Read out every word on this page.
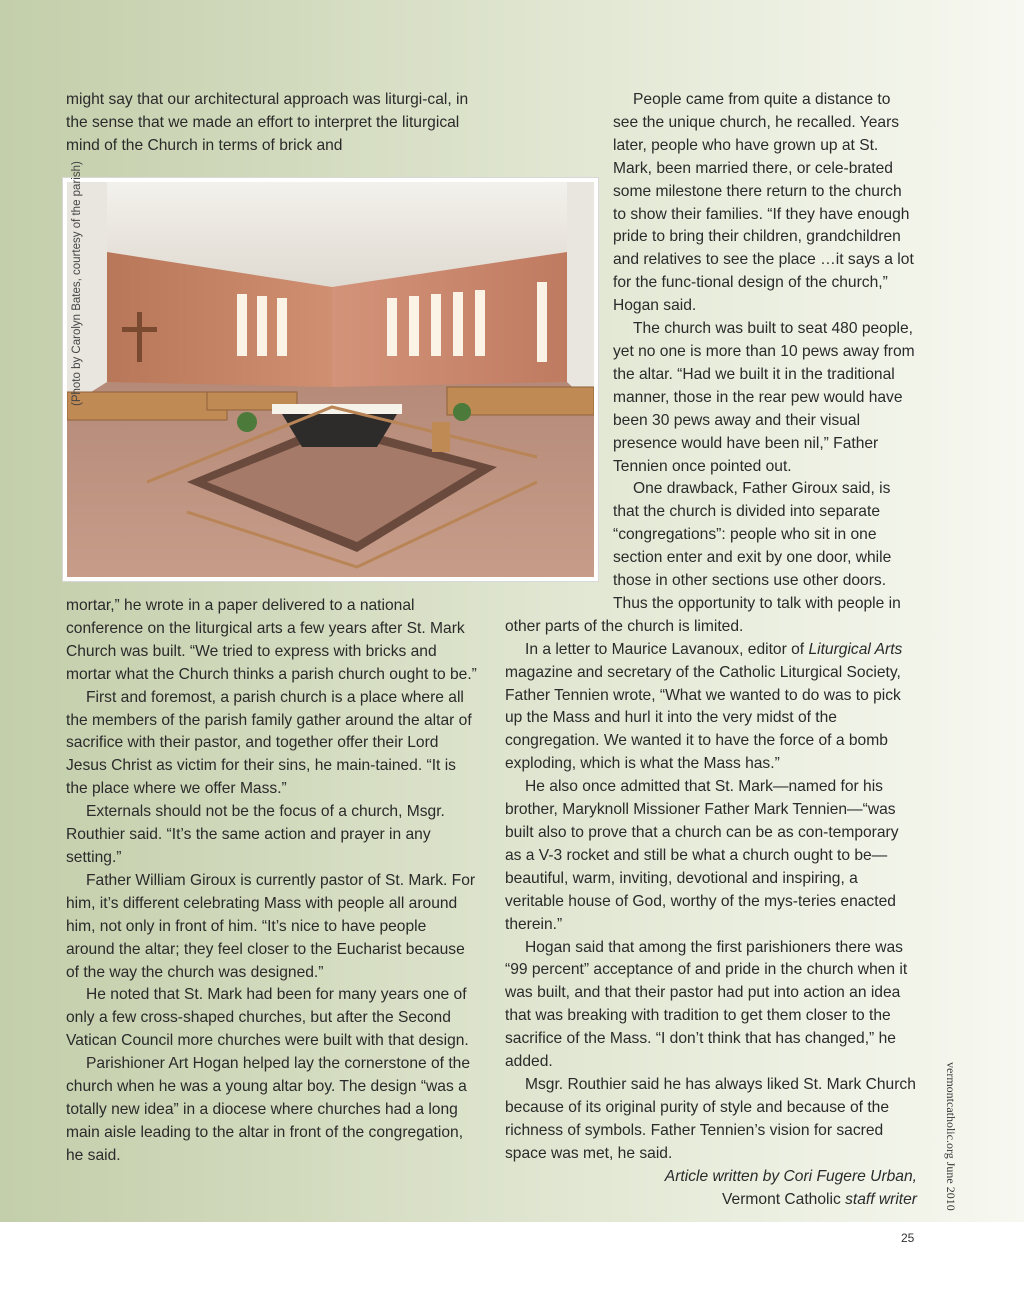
might say that our architectural approach was liturgi-cal, in the sense that we made an effort to interpret the liturgical mind of the Church in terms of brick and

mortar,” he wrote in a paper delivered to a national conference on the liturgical arts a few years after St. Mark Church was built. “We tried to express with bricks and mortar what the Church thinks a parish church ought to be.”

First and foremost, a parish church is a place where all the members of the parish family gather around the altar of sacrifice with their pastor, and together offer their Lord Jesus Christ as victim for their sins, he main-tained. “It is the place where we offer Mass.”

Externals should not be the focus of a church, Msgr. Routhier said. “It’s the same action and prayer in any setting.”

Father William Giroux is currently pastor of St. Mark. For him, it’s different celebrating Mass with people all around him, not only in front of him. “It’s nice to have people around the altar; they feel closer to the Eucharist because of the way the church was designed.”

He noted that St. Mark had been for many years one of only a few cross-shaped churches, but after the Second Vatican Council more churches were built with that design.

Parishioner Art Hogan helped lay the cornerstone of the church when he was a young altar boy. The design “was a totally new idea” in a diocese where churches had a long main aisle leading to the altar in front of the congregation, he said.

People came from quite a distance to see the unique church, he recalled. Years later, people who have grown up at St. Mark, been married there, or cele-brated some milestone there return to the church to show their families. “If they have enough pride to bring their children, grandchildren and relatives to see the place …it says a lot for the func-tional design of the church,” Hogan said.

The church was built to seat 480 people, yet no one is more than 10 pews away from the altar. “Had we built it in the traditional manner, those in the rear pew would have been 30 pews away and their visual presence would have been nil,” Father Tennien once pointed out.

One drawback, Father Giroux said, is that the church is divided into separate “congregations”: people who sit in one section enter and exit by one door, while those in other sections use other doors. Thus the opportunity to talk with people in other parts of the church is limited.

In a letter to Maurice Lavanoux, editor of Liturgical Arts magazine and secretary of the Catholic Liturgical Society, Father Tennien wrote, “What we wanted to do was to pick up the Mass and hurl it into the very midst of the congregation. We wanted it to have the force of a bomb exploding, which is what the Mass has.”

He also once admitted that St. Mark—named for his brother, Maryknoll Missioner Father Mark Tennien—“was built also to prove that a church can be as con-temporary as a V-3 rocket and still be what a church ought to be—beautiful, warm, inviting, devotional and inspiring, a veritable house of God, worthy of the mys-teries enacted therein.”

Hogan said that among the first parishioners there was “99 percent” acceptance of and pride in the church when it was built, and that their pastor had put into action an idea that was breaking with tradition to get them closer to the sacrifice of the Mass. “I don’t think that has changed,” he added.

Msgr. Routhier said he has always liked St. Mark Church because of its original purity of style and because of the richness of symbols. Father Tennien’s vision for sacred space was met, he said.

Article written by Cori Fugere Urban,

Vermont Catholic staff writer

(Photo by Carolyn Bates, courtesy of the parish)
vermontcatholic.org June 2010
25
